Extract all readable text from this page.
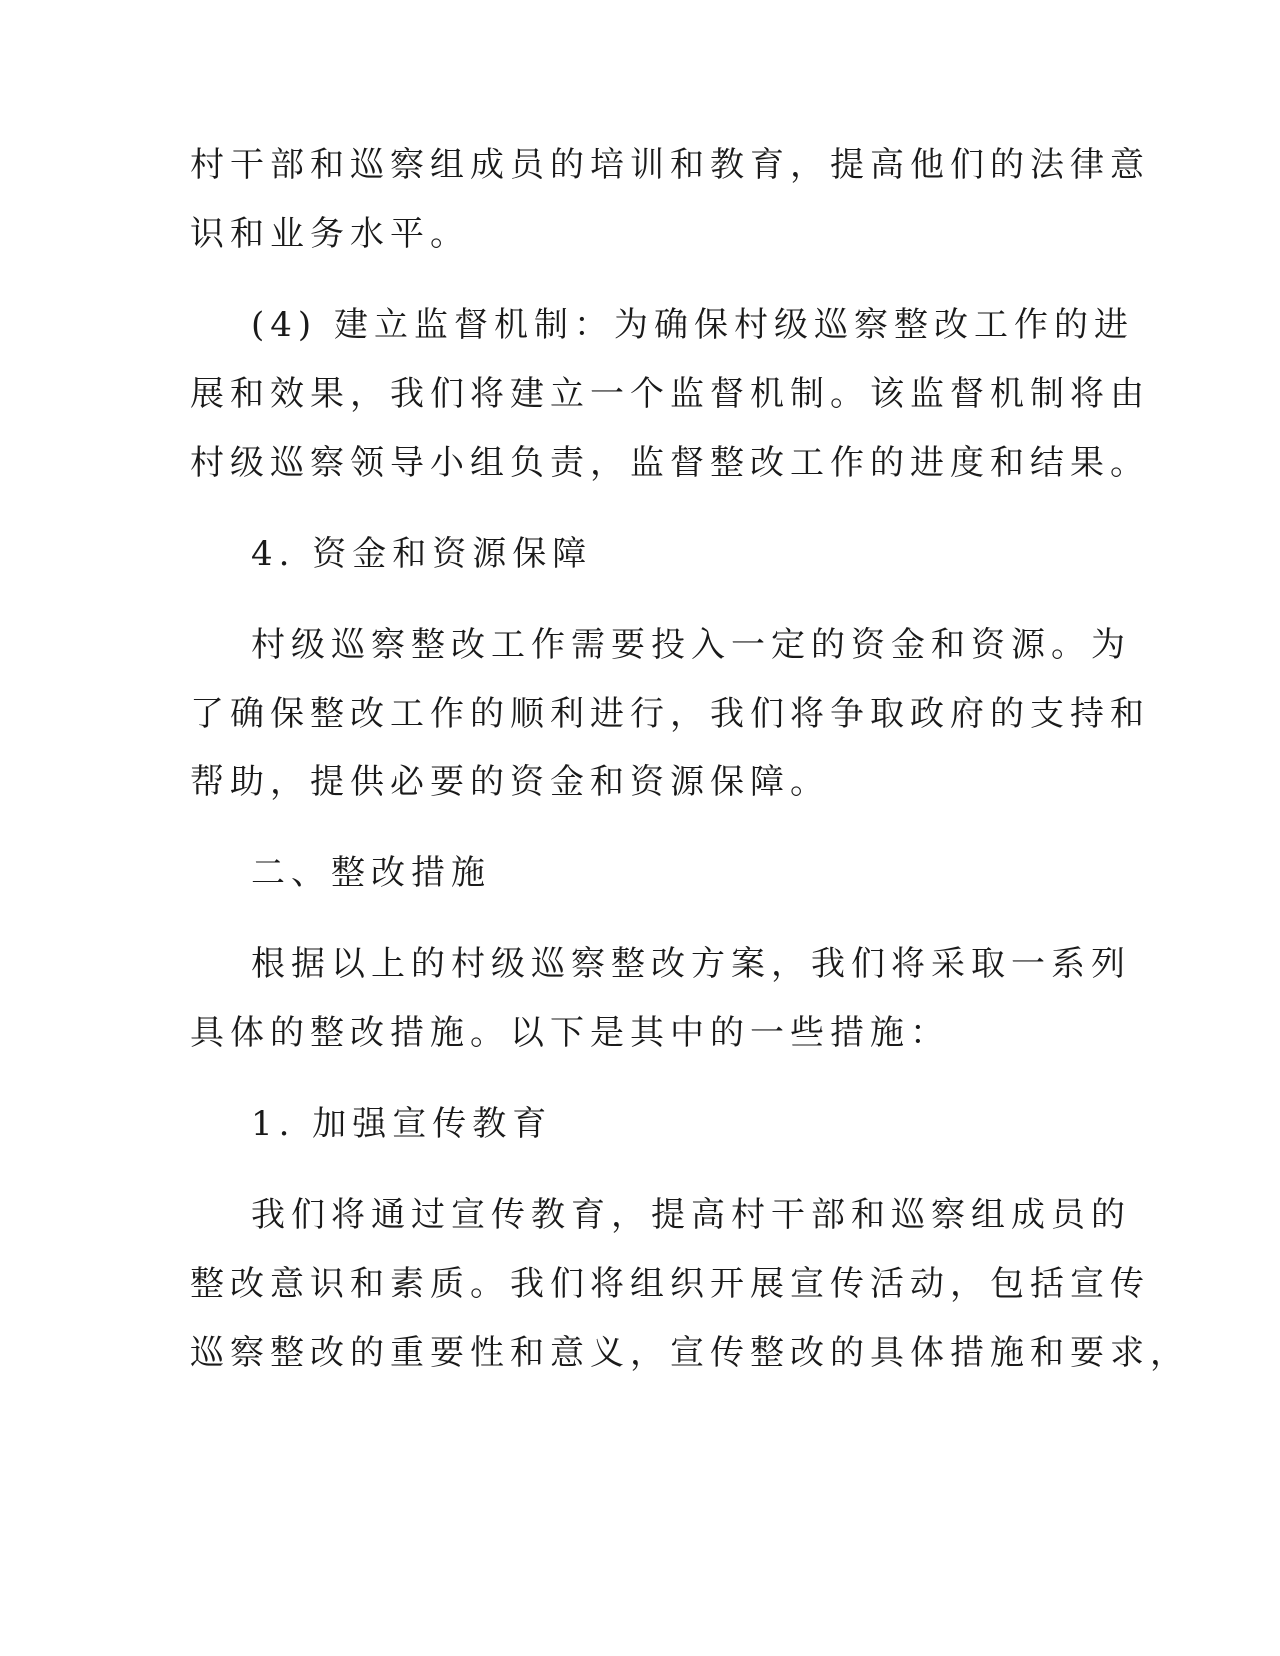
村干部和巡察组成员的培训和教育，提高他们的法律意
识和业务水平。
(4) 建立监督机制：为确保村级巡察整改工作的进
展和效果，我们将建立一个监督机制。该监督机制将由
村级巡察领导小组负责，监督整改工作的进度和结果。
4. 资金和资源保障
村级巡察整改工作需要投入一定的资金和资源。为
了确保整改工作的顺利进行，我们将争取政府的支持和
帮助，提供必要的资金和资源保障。
二、整改措施
根据以上的村级巡察整改方案，我们将采取一系列
具体的整改措施。以下是其中的一些措施：
1. 加强宣传教育
我们将通过宣传教育，提高村干部和巡察组成员的
整改意识和素质。我们将组织开展宣传活动，包括宣传
巡察整改的重要性和意义，宣传整改的具体措施和要求，
